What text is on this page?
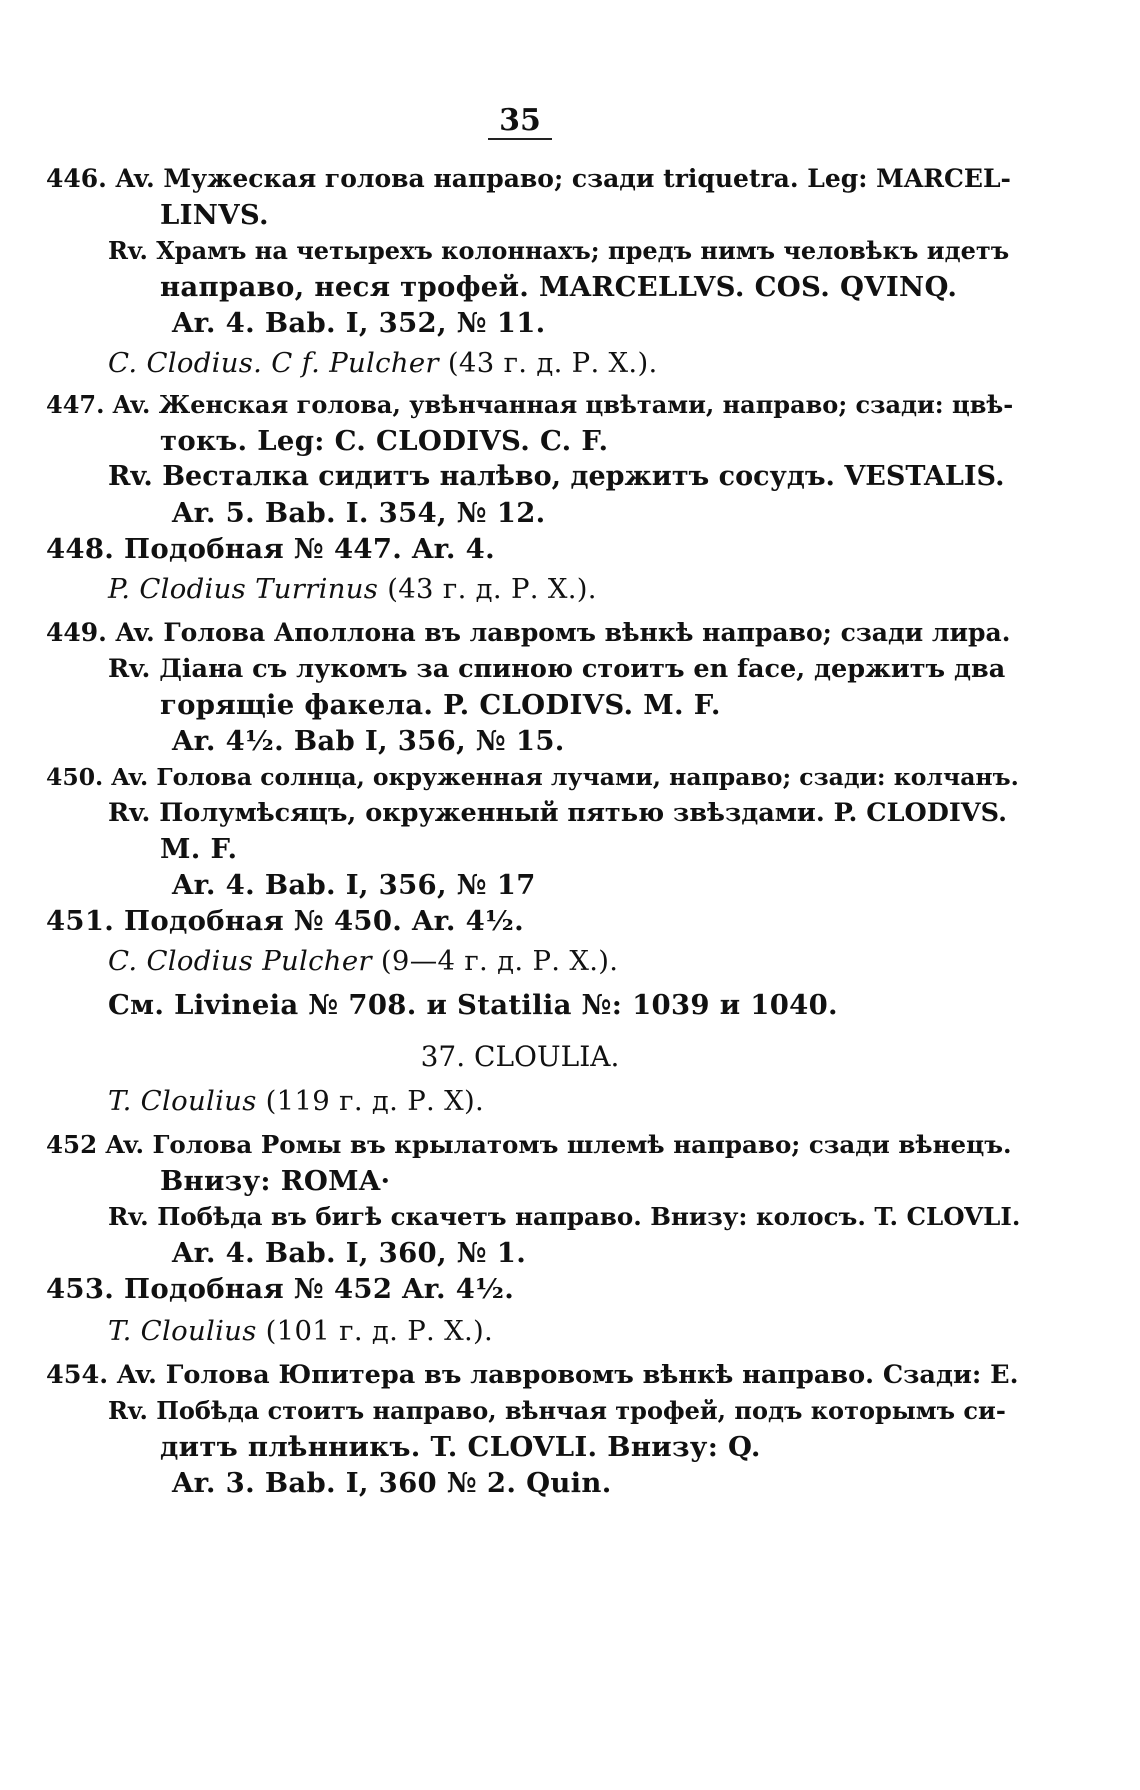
35
446. Av. Мужеская голова направо; сзади triquetra. Leg: MARCEL-
LINVS.
Rv. Храмъ на четырехъ колоннахъ; предъ нимъ человѣкъ идетъ
направо, неся трофей. MARCELLVS. COS. QVINQ.
Ar. 4. Bab. I, 352, № 11.
C. Clodius. C f. Pulcher (43 г. д. Р. Х.).
447. Av. Женская голова, увѣнчанная цвѣтами, направо; сзади: цвѣ-
токъ. Leg: C. CLODIVS. C. F.
Rv. Весталка сидитъ налѣво, держитъ сосудъ. VESTALIS.
Ar. 5. Bab. I. 354, № 12.
448. Подобная № 447. Ar. 4.
P. Clodius Turrinus (43 г. д. Р. Х.).
449. Av. Голова Аполлона въ лавромъ вѣнкѣ направо; сзади лира.
Rv. Діана съ лукомъ за спиною стоитъ en face, держитъ два
горящіе факела. P. CLODIVS. M. F.
Ar. 4½. Bab I, 356, № 15.
450. Av. Голова солнца, окруженная лучами, направо; сзади: колчанъ.
Rv. Полумѣсяцъ, окруженный пятью звѣздами. P. CLODIVS.
M. F.
Ar. 4. Bab. I, 356, № 17
451. Подобная № 450. Ar. 4½.
C. Clodius Pulcher (9—4 г. д. Р. Х.).
См. Livineia № 708. и Statilia №: 1039 и 1040.
37. CLOULIA.
T. Cloulius (119 г. д. Р. Х).
452 Av. Голова Ромы въ крылатомъ шлемѣ направо; сзади вѣнецъ.
Внизу: ROMA·
Rv. Побѣда въ бигѣ скачетъ направо. Внизу: колосъ. T. CLOVLI.
Ar. 4. Bab. I, 360, № 1.
453. Подобная № 452 Ar. 4½.
T. Cloulius (101 г. д. Р. Х.).
454. Av. Голова Юпитера въ лавровомъ вѣнкѣ направо. Сзади: E.
Rv. Побѣда стоитъ направо, вѣнчая трофей, подъ которымъ си-
дитъ плѣнникъ. T. CLOVLI. Внизу: Q.
Ar. 3. Bab. I, 360 № 2. Quin.
